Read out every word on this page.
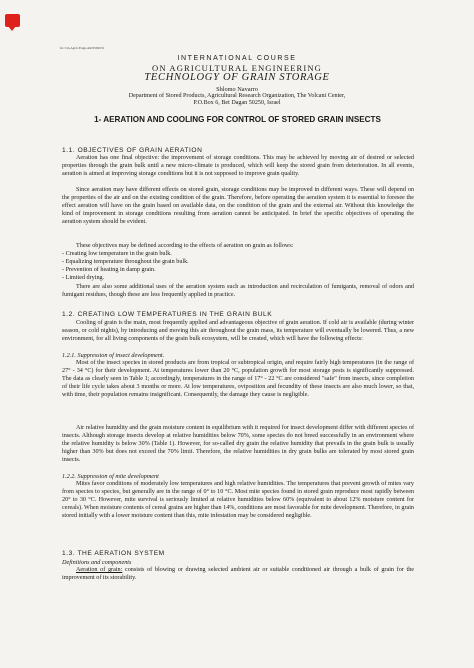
In: Cm.Agric.Engn.AR/0509231
INTERNATIONAL COURSE
ON AGRICULTURAL ENGINEERING
TECHNOLOGY OF GRAIN STORAGE
Shlomo Navarro
Department of Stored Products, Agricultural Research Organization, The Volcani Center,
P.O.Box 6, Bet Dagan 50250, Israel
1- AERATION AND COOLING FOR CONTROL OF STORED GRAIN INSECTS
1.1. OBJECTIVES OF GRAIN AERATION
Aeration has one final objective: the improvement of storage conditions. This may be achieved by moving air of desired or selected properties through the grain bulk until a new micro-climate is produced, which will keep the stored grain from deterioration. In all events, aeration is aimed at improving storage conditions but it is not supposed to improve grain quality.
Since aeration may have different effects on stored grain, storage conditions may be improved in different ways. These will depend on the properties of the air and on the existing condition of the grain. Therefore, before operating the aeration system it is essential to foresee the effect aeration will have on the grain based on available data, on the condition of the grain and the external air. Without this knowledge the kind of improvement in storage conditions resulting from aeration cannot be anticipated. In brief the specific objectives of operating the aeration system should be evident.
These objectives may be defined according to the effects of aeration on grain as follows:
- Creating low temperature in the grain bulk.
- Equalizing temperature throughout the grain bulk.
- Prevention of heating in damp grain.
- Limited drying.
There are also some additional uses of the aeration system such as introduction and recirculation of fumigants, removal of odors and fumigant residues, though these are less frequently applied in practice.
1.2. CREATING LOW TEMPERATURES IN THE GRAIN BULK
Cooling of grain is the main, most frequently applied and advantageous objective of grain aeration. If cold air is available (during winter season, or cold nights), by introducing and moving this air throughout the grain mass, its temperature will eventually be lowered. Thus, a new environment, for all living components of the grain bulk ecosystem, will be created, which will have the following effects:
1.2.1. Suppression of insect development.
Most of the insect species in stored products are from tropical or subtropical origin, and require fairly high temperatures (in the range of 27° - 34 °C) for their development. At temperatures lower than 20 °C, population growth for most storage pests is significantly suppressed. The data as clearly seen in Table 1; accordingly, temperatures in the range of 17° - 22 °C are considered "safe" from insects, since completion of their life cycle takes about 3 months or more. At low temperatures, oviposition and fecundity of these insects are also much lower, so that, with time, their population remains insignificant. Consequently, the damage they cause is negligible.
Air relative humidity and the grain moisture content in equilibrium with it required for insect development differ with different species of insects. Although storage insects develop at relative humidities below 70%, some species do not breed successfully in an environment where the relative humidity is below 30% (Table 1). However, for so-called dry grain the relative humidity that prevails in the grain bulk is usually higher than 30% but does not exceed the 70% limit. Therefore, the relative humidities in dry grain bulks are tolerated by most stored grain insects.
1.2.2. Suppression of mite development
Mites favor conditions of moderately low temperatures and high relative humidities. The temperatures that prevent growth of mites vary from species to species, but generally are in the range of 0° to 10 °C. Most mite species found in stored grain reproduce most rapidly between 20° to 30 °C. However, mite survival is seriously limited at relative humidities below 60% (equivalent to about 12% moisture content for cereals). When moisture contents of cereal grains are higher than 14%, conditions are most favorable for mite development. Therefore, in grain stored initially with a lower moisture content than this, mite infestation may be considered negligible.
1.3. THE AERATION SYSTEM
Definitions and components
Aeration of grain: consists of blowing or drawing selected ambient air or suitable conditioned air through a bulk of grain for the improvement of its storability.
